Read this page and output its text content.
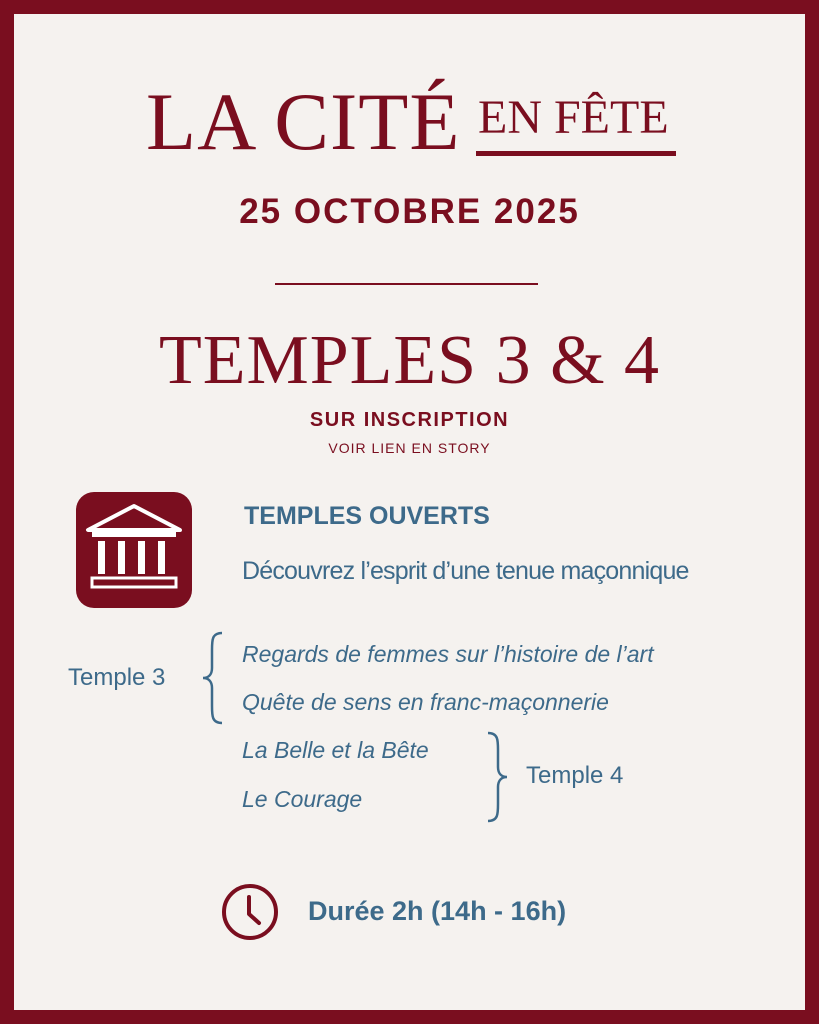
LA CITÉ EN FÊTE
25 OCTOBRE 2025
TEMPLES 3 & 4
SUR INSCRIPTION
VOIR LIEN EN STORY
TEMPLES OUVERTS
Découvrez l’esprit d’une tenue maçonnique
Temple 3
Regards de femmes sur l’histoire de l’art
Quête de sens en franc-maçonnerie
La Belle et la Bête
Le Courage
Temple 4
Durée 2h (14h - 16h)
